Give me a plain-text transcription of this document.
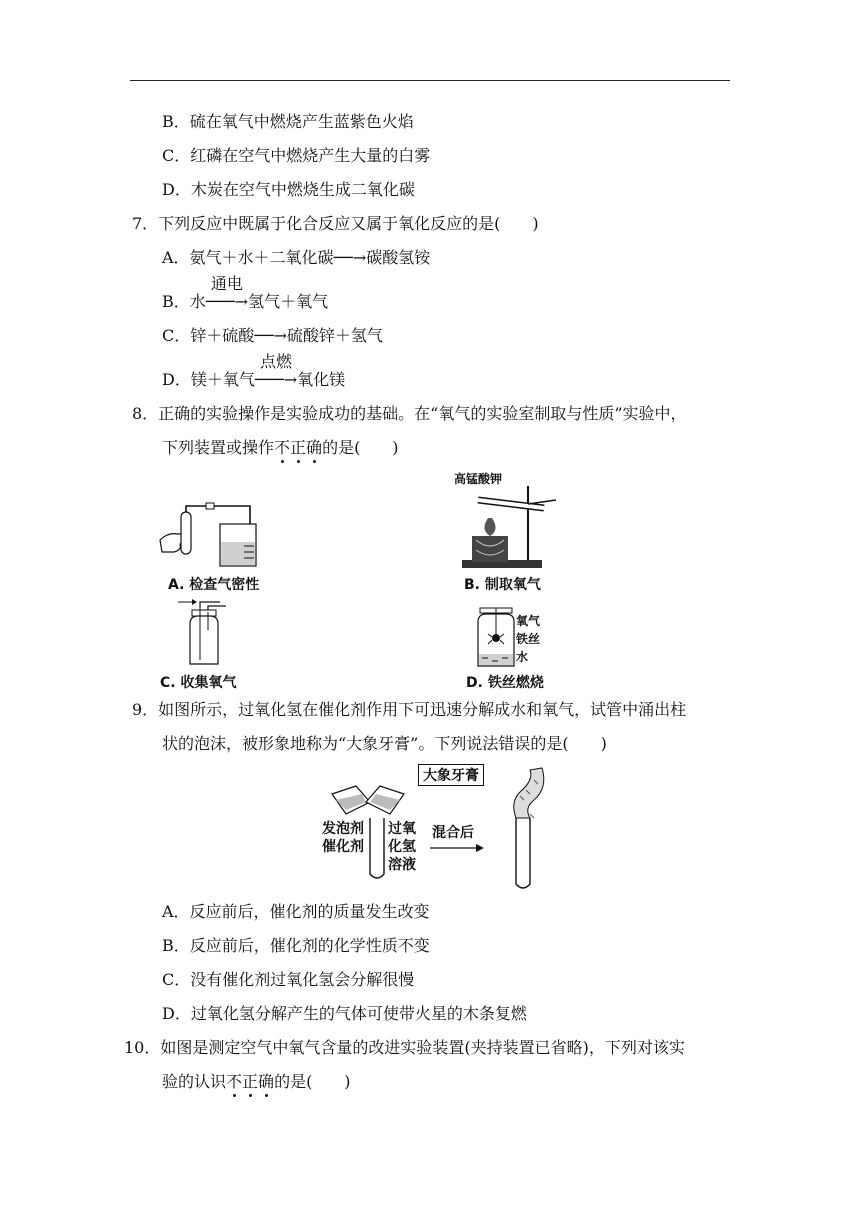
B．硫在氧气中燃烧产生蓝紫色火焰
C．红磷在空气中燃烧产生大量的白雾
D．木炭在空气中燃烧生成二氧化碳
7．下列反应中既属于化合反应又属于氧化反应的是(　　)
A．氨气＋水＋二氧化碳──→碳酸氢铵
B．水
通电
───→氢气＋氧气
C．锌＋硫酸──→硫酸锌＋氢气
D．镁＋氧气
点燃
───→氧化镁
8．正确的实验操作是实验成功的基础。在“氧气的实验室制取与性质”实验中，
下列装置或操作不正确的是(　　)
A. 检查气密性
高锰酸钾
B. 制取氧气
C. 收集氧气
氧气
铁丝
水
D. 铁丝燃烧
9．如图所示，过氧化氢在催化剂作用下可迅速分解成水和氧气，试管中涌出柱
状的泡沫，被形象地称为“大象牙膏”。下列说法错误的是(　　)
大象牙膏
发泡剂
催化剂
过氧
化氢
溶液
混合后
A．反应前后，催化剂的质量发生改变
B．反应前后，催化剂的化学性质不变
C．没有催化剂过氧化氢会分解很慢
D．过氧化氢分解产生的气体可使带火星的木条复燃
10．如图是测定空气中氧气含量的改进实验装置(夹持装置已省略)，下列对该实
验的认识不正确的是(　　)
